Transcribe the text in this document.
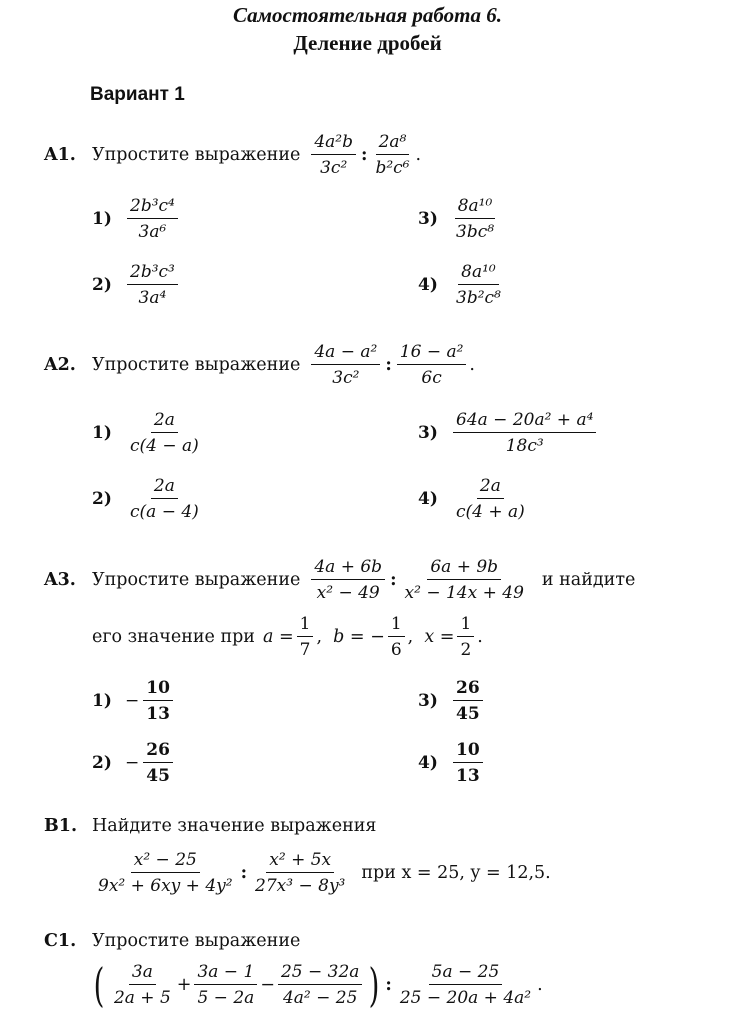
Самостоятельная работа 6.
Деление дробей
Вариант 1
A1. Упростите выражение $\frac{\text{4a²b}}{\text{3c²}}$ : $\frac{\text{2a⁸}}{\text{b²c⁶}}$ .
$1) \frac{\text{2b³c⁴}}{\text{3a⁶}}$
$2) \frac{\text{2b³c³}}{\text{3a⁴}}$
$3) \frac{\text{8a¹⁰}}{\text{3bc⁸}}$
$4) \frac{\text{8a¹⁰}}{\text{3b²c⁸}}$
A2. Упростите выражение $\frac{\text{4a − a²}}{\text{3c²}}$ : $\frac{\text{16 − a²}}{6c}$ .
$1) \frac{2a}{c(4 - a)}$
$2) \frac{2a}{c(a - 4)}$
$3) \frac{\text{64a − 20a² + a⁴}}{\text{18c³}}$
$4) \frac{2a}{c(4 + a)}$
A3. Упростите выражение $\frac{4a + 6b}{\text{x² − 49}}$ : $\frac{6a + 9b}{\text{x² − 14x + 49}}$ и найдите
его значение при $a = \frac{1}{7}$ , b = − $\frac{1}{6}$ , $x = \frac{1}{2}$ .
$1) - \frac{10}{13}$
$2) - \frac{26}{45}$
$3) \frac{26}{45}$
$4) \frac{10}{13}$
B1. Найдите значение выражения
$\frac{\text{x² − 25}}{\text{9x² + 6xy + 4y²}}$ : $\frac{\text{x² + 5x}}{\text{27x³ − 8y³}}$ при x = 25, y = 12,5.
C1. Упростите выражение
( $\frac{3a}{2a + 5} + \frac{3a - 1}{5 - 2a} - \frac{25 - 32a}{\text{4a² − 25}}$ ) : $\frac{5a - 25}{\text{25 − 20a + 4a²}}$ .
